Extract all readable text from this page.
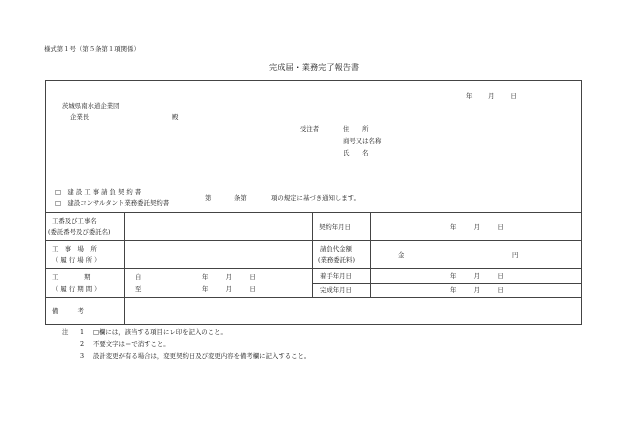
様式第１号（第５条第１項関係）
完成届・業務完了報告書
年　　月　　日
茨城県南水道企業団
企業長	殿
受注者	住　　所
商号又は名称
氏　　名
□　建 設 工 事 請 負 契 約 書
□　建設コンサルタント業務委託契約書
第	条第	項の規定に基づき通知します。
工番及び工事名
(委託番号及び委託名)
契約年月日	年　　月　　日
工　事　場　所
（ 履 行 場 所 ）
請負代金額
(業務委託料)
金	円
工　　　　期
（ 履 行 期 間 ）
自	年　　月　　日
至	年　　月　　日
着手年月日	年　　月　　日
完成年月日	年　　月　　日
備　　　考
注 1 □欄には，該当する項目にレ印を記入のこと。
2 不要文字は＝で消すこと。
3 設計変更が有る場合は，変更契約日及び変更内容を備考欄に記入すること。
